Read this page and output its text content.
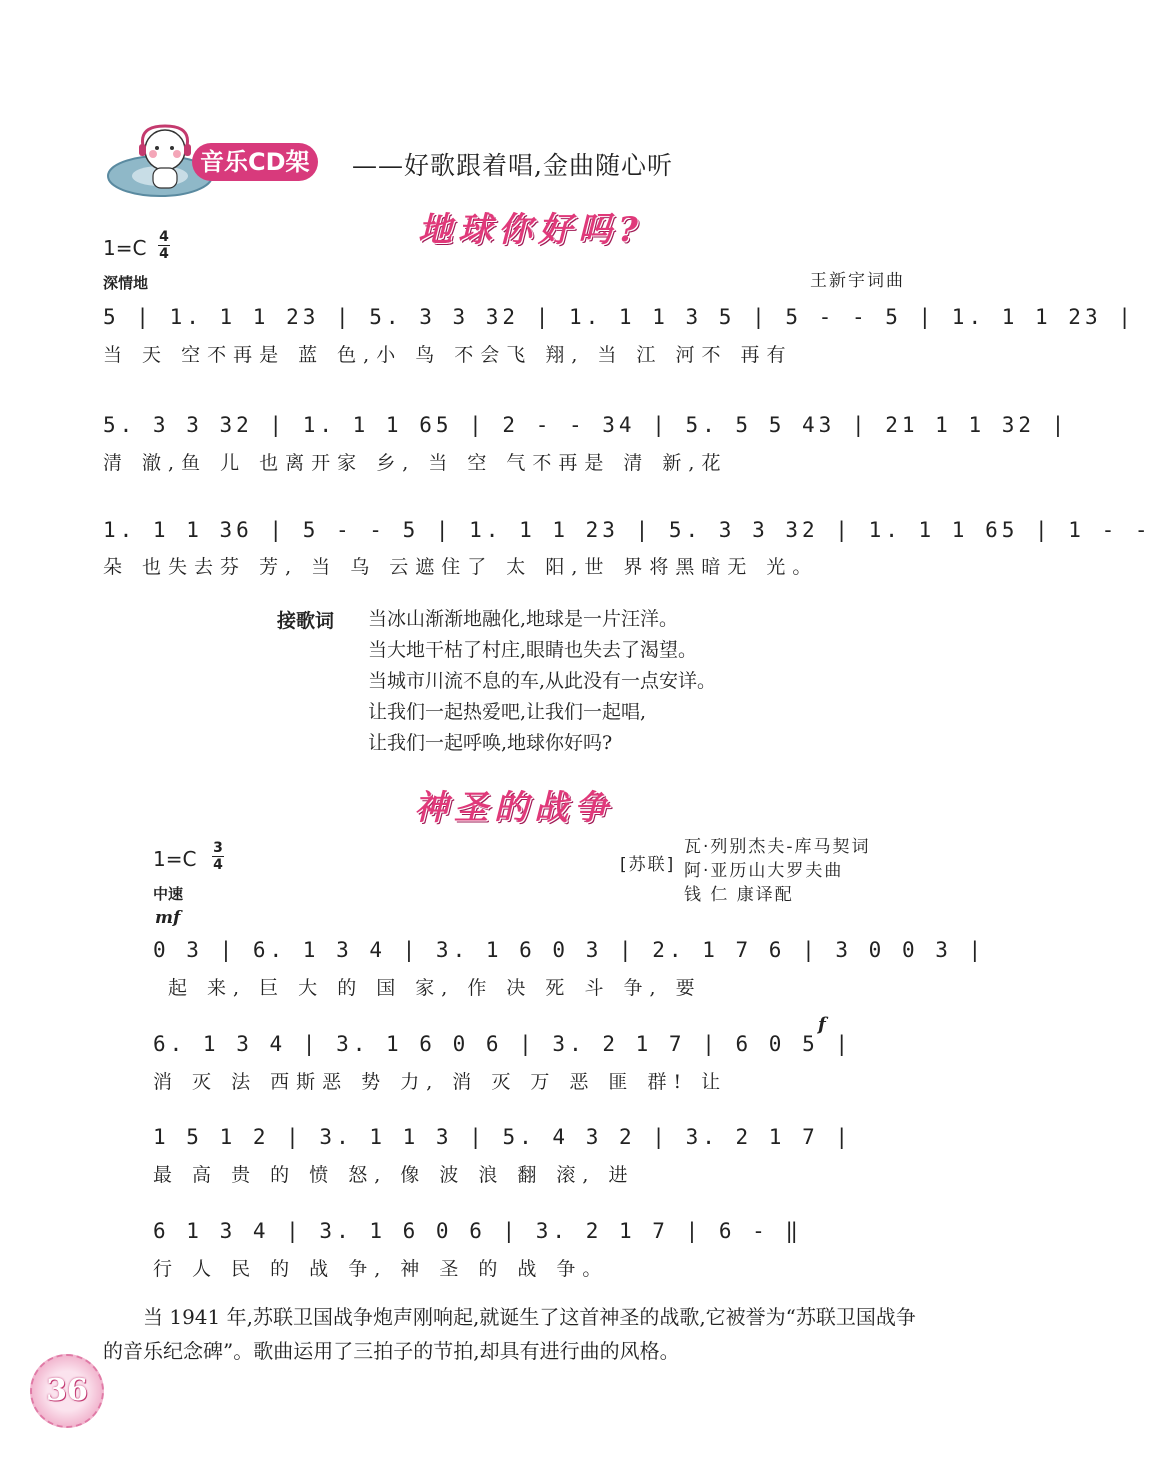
音乐CD架	——好歌跟着唱,金曲随心听
地球你好吗?
1=C 4
4
深情地	王新宇词曲
5 | 1. 1 1 23 | 5. 3 3 32 | 1. 1 1 3 5 | 5 - - 5 | 1. 1 1 23 |
当 天 空不再是 蓝 色,小 鸟 不会飞 翔, 当 江 河不 再有
5. 3 3 32 | 1. 1 1 65 | 2 - - 34 | 5. 5 5 43 | 21 1 1 32 |
清 澈,鱼 儿 也离开家 乡, 当 空 气不再是 清 新,花
1. 1 1 36 | 5 - - 5 | 1. 1 1 23 | 5. 3 3 32 | 1. 1 1 65 | 1 - -
朵 也失去芬 芳, 当 乌 云遮住了 太 阳,世 界将黑暗无 光。
接歌词 当冰山渐渐地融化,地球是一片汪洋。
当大地干枯了村庄,眼睛也失去了渴望。
当城市川流不息的车,从此没有一点安详。
让我们一起热爱吧,让我们一起唱,
让我们一起呼唤,地球你好吗?
神圣的战争
1=C 3
4
中速
mf
[苏联]
瓦·列别杰夫-库马契词
阿·亚历山大罗夫曲
钱 仁 康译配
0 3 | 6. 1 3 4 | 3. 1 6 0 3 | 2. 1 7 6 | 3 0 0 3 |
起 来, 巨 大 的 国 家, 作 决 死 斗 争, 要
f
6. 1 3 4 | 3. 1 6 0 6 | 3. 2 1 7 | 6 0 5 |
消 灭 法 西斯恶 势 力, 消 灭 万 恶 匪 群! 让
1 5 1 2 | 3. 1 1 3 | 5. 4 3 2 | 3. 2 1 7 |
最 高 贵 的 愤 怒, 像 波 浪 翻 滚, 进
6 1 3 4 | 3. 1 6 0 6 | 3. 2 1 7 | 6 - ‖
行 人 民 的 战 争, 神 圣 的 战 争。
当 1941 年,苏联卫国战争炮声刚响起,就诞生了这首神圣的战歌,它被誉为“苏联卫国战争的音乐纪念碑”。歌曲运用了三拍子的节拍,却具有进行曲的风格。
36
